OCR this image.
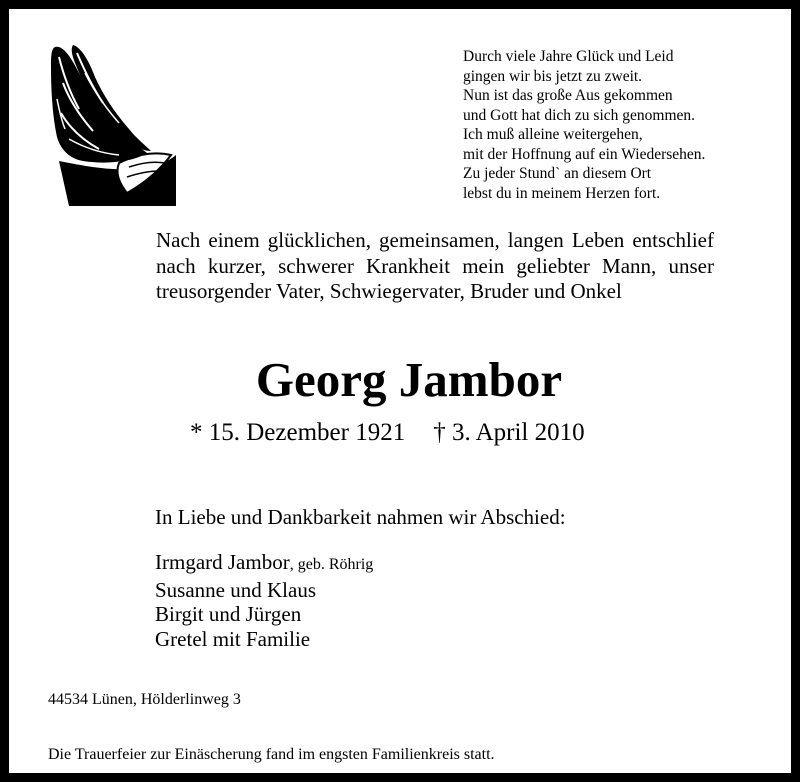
Durch viele Jahre Glück und Leid
gingen wir bis jetzt zu zweit.
Nun ist das große Aus gekommen
und Gott hat dich zu sich genommen.
Ich muß alleine weitergehen,
mit der Hoffnung auf ein Wiedersehen.
Zu jeder Stund` an diesem Ort
lebst du in meinem Herzen fort.
Nach einem glücklichen, gemeinsamen, langen Leben entschlief nach kurzer, schwerer Krankheit mein geliebter Mann, unser treusorgender Vater, Schwiegervater, Bruder und Onkel
Georg Jambor
* 15. Dezember 1921 † 3. April 2010
In Liebe und Dankbarkeit nahmen wir Abschied:
Irmgard Jambor, geb. Röhrig
Susanne und Klaus
Birgit und Jürgen
Gretel mit Familie
44534 Lünen, Hölderlinweg 3
Die Trauerfeier zur Einäscherung fand im engsten Familienkreis statt.
